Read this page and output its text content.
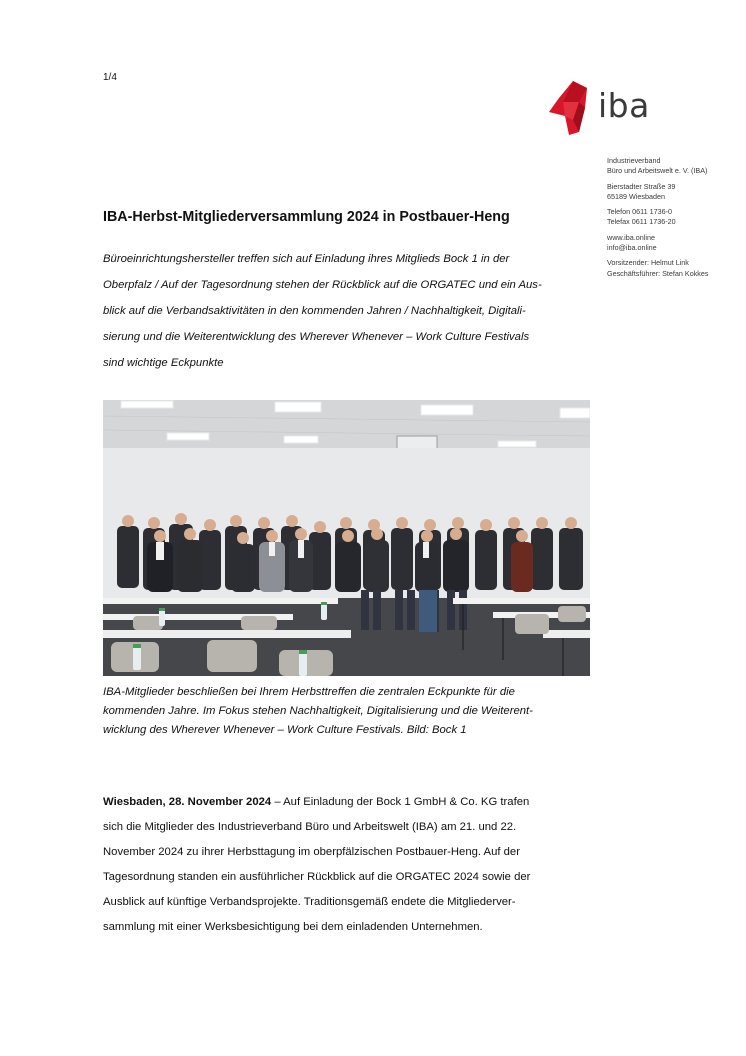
1/4
iba
Industrieverband
Büro und Arbeitswelt e. V. (IBA)
Bierstadter Straße 39
65189 Wiesbaden
Telefon 0611 1736-0
Telefax 0611 1736-20
www.iba.online
info@iba.online
Vorsitzender: Helmut Link
Geschäftsführer: Stefan Kokkes
IBA-Herbst-Mitgliederversammlung 2024 in Postbauer-Heng

Büroeinrichtungshersteller treffen sich auf Einladung ihres Mitglieds Bock 1 in der
Oberpfalz / Auf der Tagesordnung stehen der Rückblick auf die ORGATEC und ein Aus-
blick auf die Verbandsaktivitäten in den kommenden Jahren / Nachhaltigkeit, Digitali-
sierung und die Weiterentwicklung des Wherever Whenever – Work Culture Festivals
sind wichtige Eckpunkte

IBA-Mitglieder beschließen bei Ihrem Herbsttreffen die zentralen Eckpunkte für die
kommenden Jahre. Im Fokus stehen Nachhaltigkeit, Digitalisierung und die Weiterent-
wicklung des Wherever Whenever – Work Culture Festivals. Bild: Bock 1

Wiesbaden, 28. November 2024 – Auf Einladung der Bock 1 GmbH & Co. KG trafen
sich die Mitglieder des Industrieverband Büro und Arbeitswelt (IBA) am 21. und 22.
November 2024 zu ihrer Herbsttagung im oberpfälzischen Postbauer-Heng. Auf der
Tagesordnung standen ein ausführlicher Rückblick auf die ORGATEC 2024 sowie der
Ausblick auf künftige Verbandsprojekte. Traditionsgemäß endete die Mitgliederver-
sammlung mit einer Werksbesichtigung bei dem einladenden Unternehmen.
